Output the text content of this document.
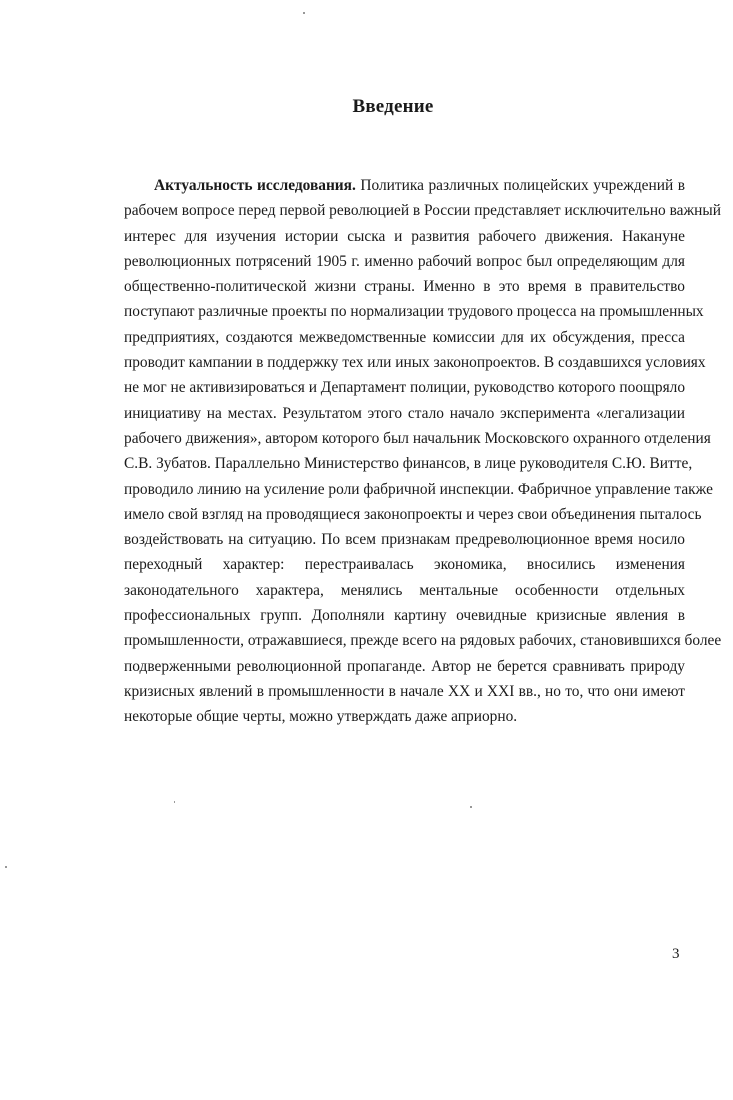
Введение
Актуальность исследования. Политика различных полицейских учреждений в
рабочем вопросе перед первой революцией в России представляет исключительно важный
интерес для изучения истории сыска и развития рабочего движения. Накануне
революционных потрясений 1905 г. именно рабочий вопрос был определяющим для
общественно-политической жизни страны. Именно в это время в правительство
поступают различные проекты по нормализации трудового процесса на промышленных
предприятиях, создаются межведомственные комиссии для их обсуждения, пресса
проводит кампании в поддержку тех или иных законопроектов. В создавшихся условиях
не мог не активизироваться и Департамент полиции, руководство которого поощряло
инициативу на местах. Результатом этого стало начало эксперимента «легализации
рабочего движения», автором которого был начальник Московского охранного отделения
С.В. Зубатов. Параллельно Министерство финансов, в лице руководителя С.Ю. Витте,
проводило линию на усиление роли фабричной инспекции. Фабричное управление также
имело свой взгляд на проводящиеся законопроекты и через свои объединения пыталось
воздействовать на ситуацию. По всем признакам предреволюционное время носило
переходный характер: перестраивалась экономика, вносились изменения
законодательного характера, менялись ментальные особенности отдельных
профессиональных групп. Дополняли картину очевидные кризисные явления в
промышленности, отражавшиеся, прежде всего на рядовых рабочих, становившихся более
подверженными революционной пропаганде. Автор не берется сравнивать природу
кризисных явлений в промышленности в начале XX и XXI вв., но то, что они имеют
некоторые общие черты, можно утверждать даже априорно.
3
